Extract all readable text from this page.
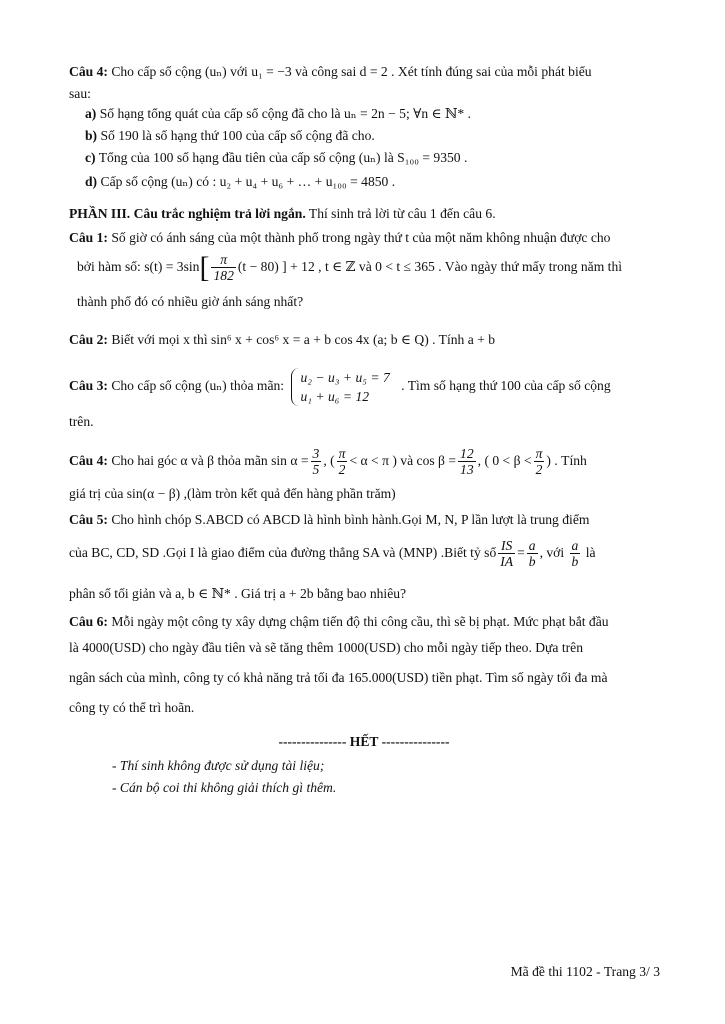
Câu 4: Cho cấp số cộng (uₙ) với u₁ = −3 và công sai d = 2 . Xét tính đúng sai của mỗi phát biểu
sau:
a) Số hạng tổng quát của cấp số cộng đã cho là uₙ = 2n − 5; ∀n ∈ ℕ* .
b) Số 190 là số hạng thứ 100 của cấp số cộng đã cho.
c) Tổng của 100 số hạng đầu tiên của cấp số cộng (uₙ) là S₁₀₀ = 9350 .
d) Cấp số cộng (uₙ) có : u₂ + u₄ + u₆ + … + u₁₀₀ = 4850 .
PHẦN III. Câu trắc nghiệm trả lời ngắn. Thí sinh trả lời từ câu 1 đến câu 6.
Câu 1: Số giờ có ánh sáng của một thành phố trong ngày thứ t của một năm không nhuận được cho
bởi hàm số: $s(t) = 3\sin[ \frac{\pi}{182} (t - 80)$ ] + 12 , t ∈ ℤ và 0 < t ≤ 365 . Vào ngày thứ mấy trong năm thì
thành phố đó có nhiều giờ ánh sáng nhất?
Câu 2: Biết với mọi x thì sin⁶ x + cos⁶ x = a + b cos 4x (a; b ∈ Q) . Tính a + b
Câu 3: Cho cấp số cộng (uₙ) thỏa mãn:
u₂ − u₃ + u₅ = 7
u₁ + u₆ = 12
. Tìm số hạng thứ 100 của cấp số cộng
trên.
Câu 4: Cho hai góc α và β thỏa mãn $\sin \alpha = \frac{3}{5}$ , ( $\frac{\pi}{2} < \alpha < \pi$ ) và $\cos \beta = \frac{12}{13}$ , ( $0 < \beta < \frac{\pi}{2}$ ) . Tính
giá trị của sin(α − β) ,(làm tròn kết quả đến hàng phần trăm)
Câu 5: Cho hình chóp S.ABCD có ABCD là hình bình hành.Gọi M, N, P lần lượt là trung điểm
của BC, CD, SD .Gọi I là giao điểm của đường thẳng SA và (MNP) .Biết tỷ số $\frac{IS}{IA} = \frac{a}{b}$ , với $\frac{a}{b}$ là
phân số tối giản và a, b ∈ ℕ* . Giá trị a + 2b bằng bao nhiêu?
Câu 6: Mỗi ngày một công ty xây dựng chậm tiến độ thi công cầu, thì sẽ bị phạt. Mức phạt bắt đầu
là 4000(USD) cho ngày đầu tiên và sẽ tăng thêm 1000(USD) cho mỗi ngày tiếp theo. Dựa trên
ngân sách của mình, công ty có khả năng trả tối đa 165.000(USD) tiền phạt. Tìm số ngày tối đa mà
công ty có thể trì hoãn.
--------------- HẾT ---------------
- Thí sinh không được sử dụng tài liệu;
- Cán bộ coi thi không giải thích gì thêm.
Mã đề thi 1102 - Trang 3/ 3
